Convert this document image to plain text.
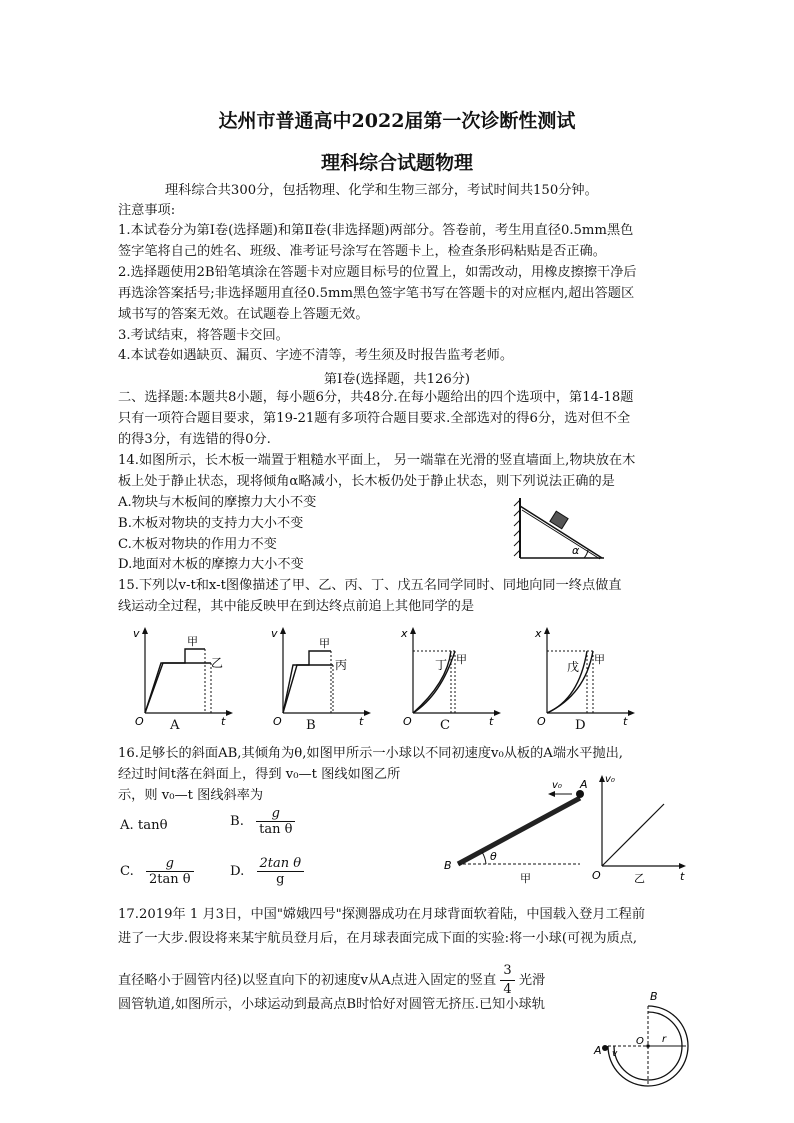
达州市普通高中2022届第一次诊断性测试
理科综合试题物理
理科综合共300分，包括物理、化学和生物三部分，考试时间共150分钟。
注意事项:
1.本试卷分为第Ⅰ卷(选择题)和第Ⅱ卷(非选择题)两部分。答卷前，考生用直径0.5mm黑色
签字笔将自己的姓名、班级、准考证号涂写在答题卡上，检查条形码粘贴是否正确。
2.选择题使用2B铅笔填涂在答题卡对应题目标号的位置上，如需改动，用橡皮擦擦干净后
再选涂答案括号;非选择题用直径0.5mm黑色签字笔书写在答题卡的对应框内,超出答题区
域书写的答案无效。在试题卷上答题无效。
3.考试结束，将答题卡交回。
4.本试卷如遇缺页、漏页、字迹不清等，考生须及时报告监考老师。
第Ⅰ卷(选择题，共126分)
二、选择题:本题共8小题，每小题6分，共48分.在每小题给出的四个选项中，第14-18题
只有一项符合题目要求，第19-21题有多项符合题目要求.全部选对的得6分，选对但不全
的得3分，有选错的得0分.
14.如图所示，长木板一端置于粗糙水平面上， 另一端靠在光滑的竖直墙面上,物块放在木
板上处于静止状态，现将倾角α略减小，长木板仍处于静止状态，则下列说法正确的是
A.物块与木板间的摩擦力大小不变
B.木板对物块的支持力大小不变
C.木板对物块的作用力不变
D.地面对木板的摩擦力大小不变
α
15.下列以v-t和x-t图像描述了甲、乙、丙、丁、戊五名同学同时、同地向同一终点做直
线运动全过程，其中能反映甲在到达终点前追上其他同学的是
v
t
O
甲
乙
A
v
t
O
甲
丙
B
x
t
O
丁 甲
C
x
t
O
戊
甲
D
16.足够长的斜面AB,其倾角为θ,如图甲所示一小球以不同初速度v₀从板的A端水平抛出,
经过时间t落在斜面上，得到 v₀—t 图线如图乙所
示，则 v₀—t 图线斜率为
A. tanθ	B. $\frac{g}{\text{tan θ}}$
C. $\frac{g}{\text{2tan θ}}$	D. $\frac{\text{2tan θ}}{g}$	B
A
v₀
θ
甲
v₀
t
O	乙
17.2019年 1 月3日，中国"嫦娥四号"探测器成功在月球背面软着陆，中国载入登月工程前
进了一大步.假设将来某宇航员登月后，在月球表面完成下面的实验:将一小球(可视为质点,
直径略小于圆管内径)以竖直向下的初速度v从A点进入固定的竖直 $\frac{3}{4}$ 光滑
圆管轨道,如图所示，小球运动到最高点B时恰好对圆管无挤压.已知小球轨
B
A
O r
v
